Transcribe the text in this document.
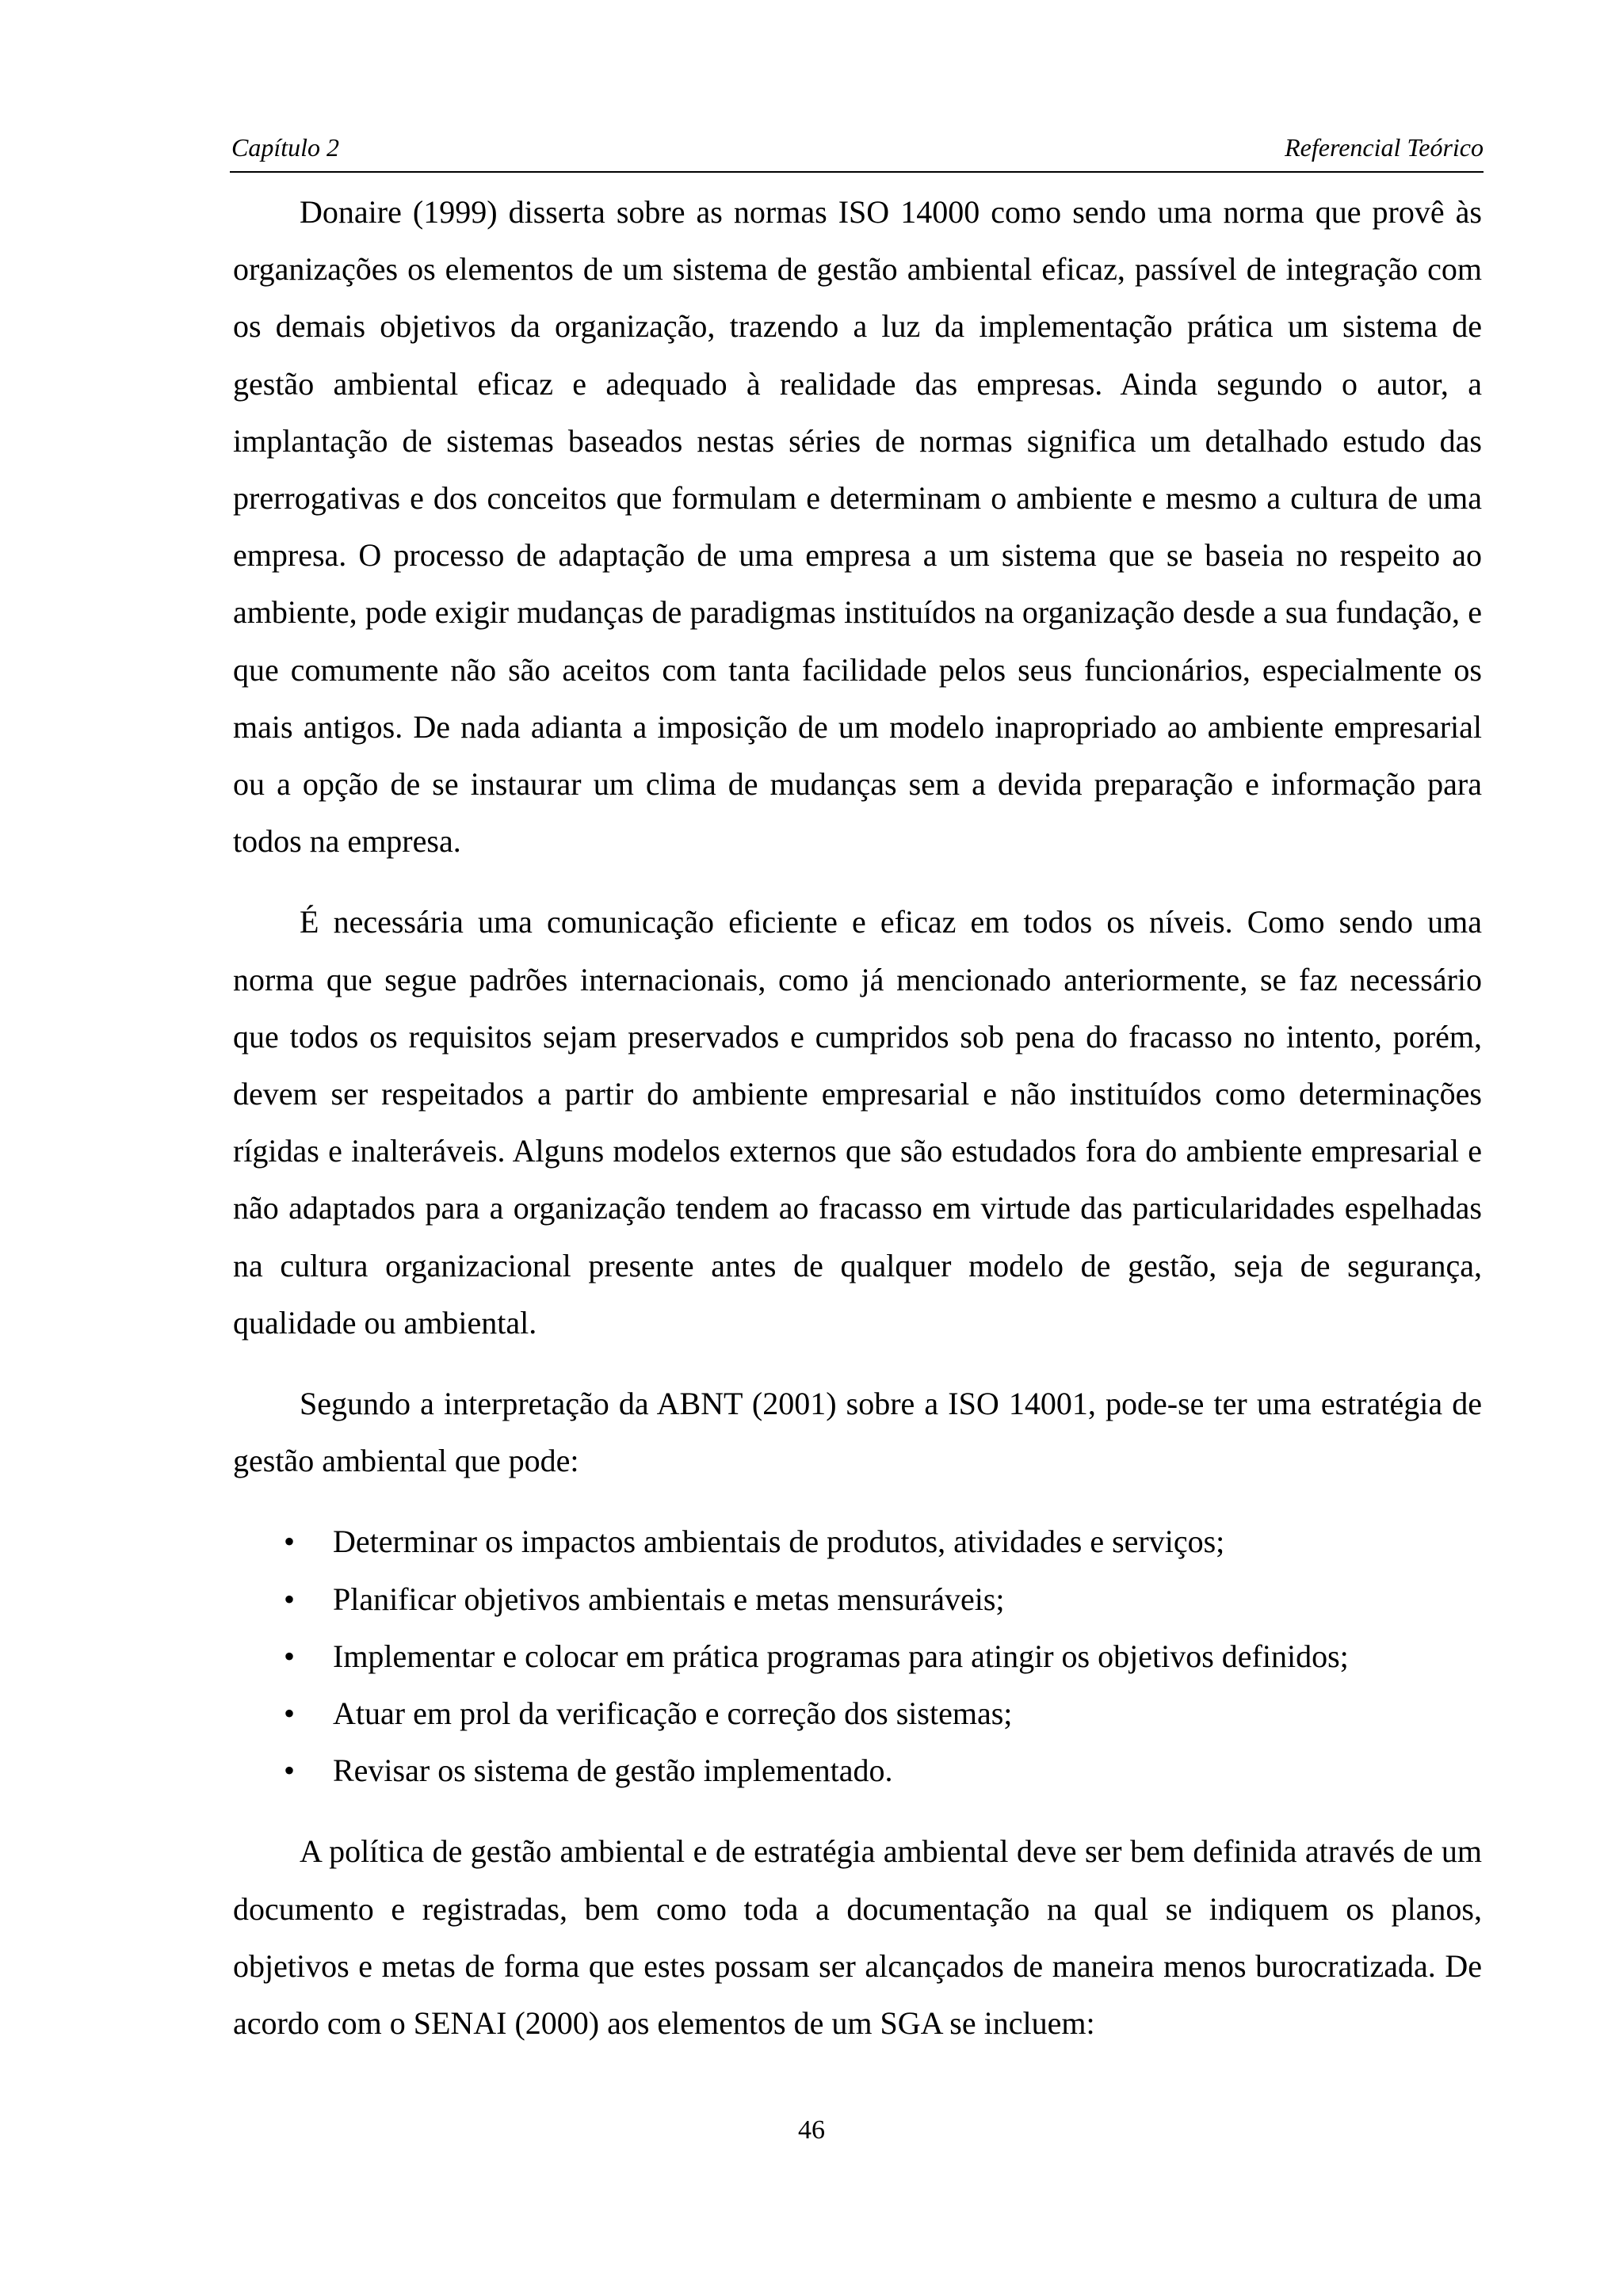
Capítulo 2	Referencial Teórico

Donaire (1999) disserta sobre as normas ISO 14000 como sendo uma norma que provê às organizações os elementos de um sistema de gestão ambiental eficaz, passível de integração com os demais objetivos da organização, trazendo a luz da implementação prática um sistema de gestão ambiental eficaz e adequado à realidade das empresas. Ainda segundo o autor, a implantação de sistemas baseados nestas séries de normas significa um detalhado estudo das prerrogativas e dos conceitos que formulam e determinam o ambiente e mesmo a cultura de uma empresa. O processo de adaptação de uma empresa a um sistema que se baseia no respeito ao ambiente, pode exigir mudanças de paradigmas instituídos na organização desde a sua fundação, e que comumente não são aceitos com tanta facilidade pelos seus funcionários, especialmente os mais antigos. De nada adianta a imposição de um modelo inapropriado ao ambiente empresarial ou a opção de se instaurar um clima de mudanças sem a devida preparação e informação para todos na empresa.

É necessária uma comunicação eficiente e eficaz em todos os níveis. Como sendo uma norma que segue padrões internacionais, como já mencionado anteriormente, se faz necessário que todos os requisitos sejam preservados e cumpridos sob pena do fracasso no intento, porém, devem ser respeitados a partir do ambiente empresarial e não instituídos como determinações rígidas e inalteráveis. Alguns modelos externos que são estudados fora do ambiente empresarial e não adaptados para a organização tendem ao fracasso em virtude das particularidades espelhadas na cultura organizacional presente antes de qualquer modelo de gestão, seja de segurança, qualidade ou ambiental.

Segundo a interpretação da ABNT (2001) sobre a ISO 14001, pode-se ter uma estratégia de gestão ambiental que pode:

• Determinar os impactos ambientais de produtos, atividades e serviços;
• Planificar objetivos ambientais e metas mensuráveis;
• Implementar e colocar em prática programas para atingir os objetivos definidos;
• Atuar em prol da verificação e correção dos sistemas;
• Revisar os sistema de gestão implementado.

A política de gestão ambiental e de estratégia ambiental deve ser bem definida através de um documento e registradas, bem como toda a documentação na qual se indiquem os planos, objetivos e metas de forma que estes possam ser alcançados de maneira menos burocratizada. De acordo com o SENAI (2000) aos elementos de um SGA se incluem:

46
